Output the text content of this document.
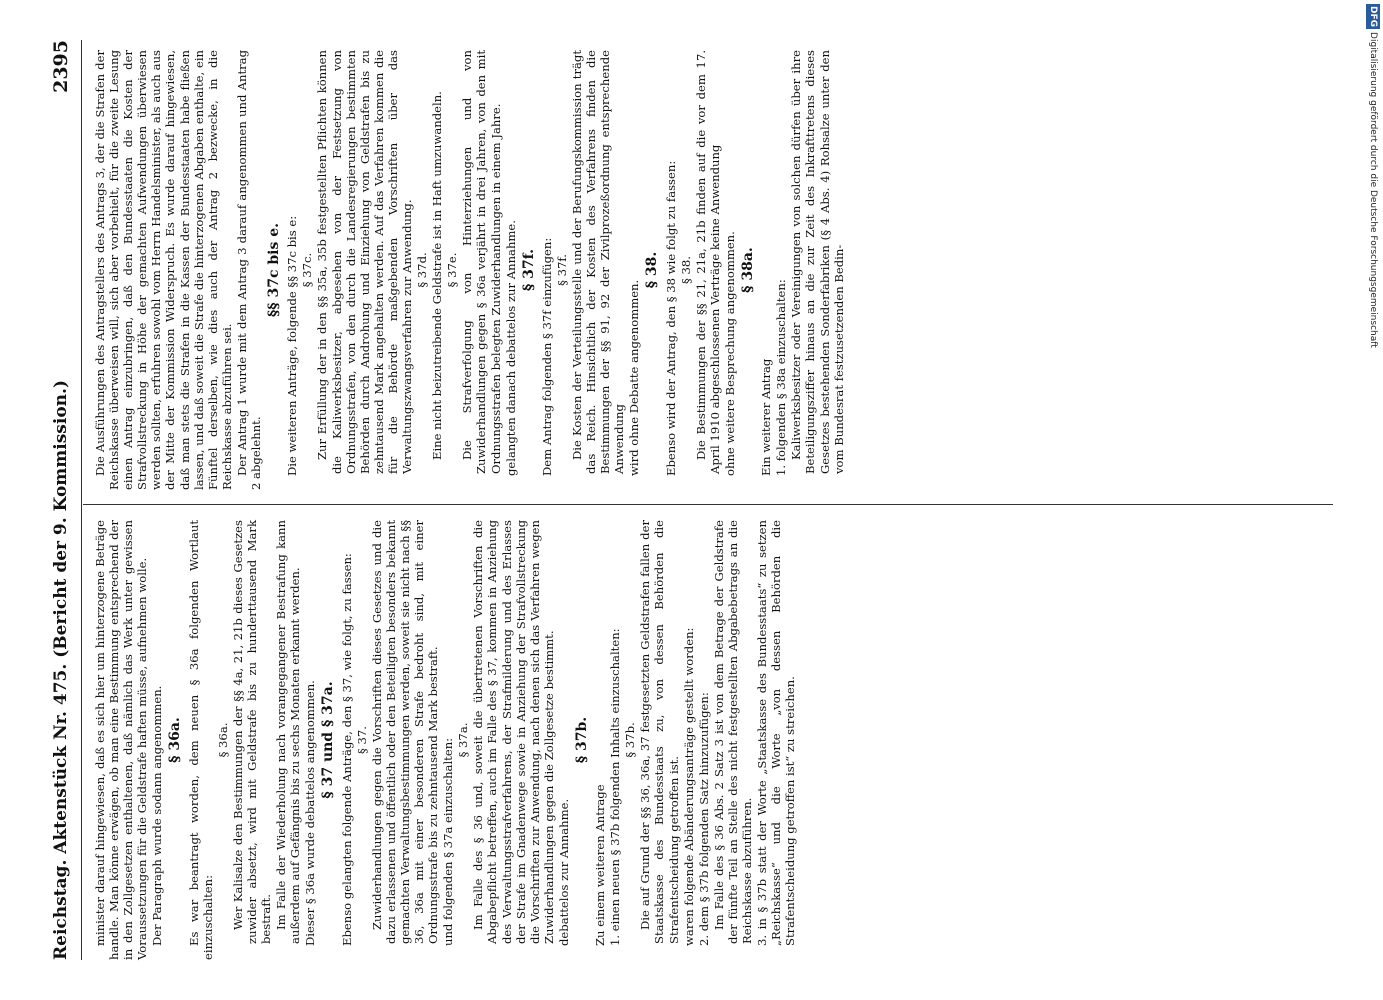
Reichstag. Aktenstück Nr. 475. (Bericht der 9. Kommission.)
2395

minister darauf hingewiesen, daß es sich hier um hinterzogene Beträge handle. Man könne erwägen, ob man eine Bestimmung entsprechend der in den Zollgesetzen enthaltenen, daß nämlich das Werk unter gewissen Voraussetzungen für die Geldstrafe haften müsse, aufnehmen wolle. Der Paragraph wurde sodann angenommen. § 36a. Es war beantragt worden, dem neuen § 36a folgenden Wortlaut einzuschalten:

§ 36a. Wer Kalisalze den Bestimmungen der §§ 4a, 21, 21b dieses Gesetzes zuwider absetzt, wird mit Geldstrafe bis zu hunderttausend Mark bestraft. Im Falle der Wiederholung nach vorangegangener Bestrafung kann außerdem auf Gefängnis bis zu sechs Monaten erkannt werden. Dieser § 36a wurde debattelos angenommen. § 37 und § 37a. Ebenso gelangten folgende Anträge, den § 37, wie folgt, zu fassen: § 37. Zuwiderhandlungen gegen die Vorschriften dieses Gesetzes und die dazu erlassenen und öffentlich oder den Beteiligten besonders bekannt gemachten Verwaltungsbestimmungen werden, soweit sie nicht nach §§ 36, 36a mit einer besonderen Strafe bedroht sind, mit einer Ordnungsstrafe bis zu zehntausend Mark bestraft. und folgenden § 37a einzuschalten: § 37a. Im Falle des § 36 und, soweit die übertretenen Vorschriften die Abgabepflicht betreffen, auch im Falle des § 37, kommen in Anziehung des Verwaltungsstrafverfahrens, der Strafmilderung und des Erlasses der Strafe im Gnadenwege sowie in Anziehung der Strafvollstreckung die Vorschriften zur Anwendung, nach denen sich das Verfahren wegen Zuwiderhandlungen gegen die Zollgesetze bestimmt. debattelos zur Annahme.

§ 37b.

Zu einem weiteren Antrage 1. einen neuen § 37b folgenden Inhalts einzuschalten: § 37b. Die auf Grund der §§ 36, 36a, 37 festgesetzten Geldstrafen fallen der Staatskasse des Bundesstaats zu, von dessen Behörden die Strafentscheidung getroffen ist. waren folgende Abänderungsanträge gestellt worden: 2. dem § 37b folgenden Satz hinzuzufügen: Im Falle des § 36 Abs. 2 Satz 3 ist von dem Betrage der Geldstrafe der fünfte Teil an Stelle des nicht festgestellten Abgabebetrags an die Reichskasse abzuführen. 3. in § 37b statt der Worte „Staatskasse des Bundesstaats“ zu setzen „Reichskasse“ und die Worte „von dessen Behörden die Strafentscheidung getroffen ist“ zu streichen.

Die Ausführungen des Antragstellers des Antrags 3, der die Strafen der Reichskasse überweisen will, sich aber vorbehielt, für die zweite Lesung einen Antrag einzubringen, daß den Bundesstaaten die Kosten der Strafvollstreckung in Höhe der gemachten Aufwendungen überwiesen werden sollten, erfuhren sowohl vom Herrn Handelsminister, als auch aus der Mitte der Kommission Widerspruch. Es wurde darauf hingewiesen, daß man stets die Strafen in die Kassen der Bundesstaaten habe fließen lassen, und daß soweit die Strafe die hinterzogenen Abgaben enthalte, ein Fünftel derselben, wie dies auch der Antrag 2 bezwecke, in die Reichskasse abzuführen sei. Der Antrag 1 wurde mit dem Antrag 3 darauf angenommen und Antrag 2 abgelehnt.

§§ 37c bis e. Die weiteren Anträge, folgende §§ 37c bis e: § 37c. Zur Erfüllung der in den §§ 35a, 35b festgestellten Pflichten können die Kaliwerksbesitzer, abgesehen von der Festsetzung von Ordnungsstrafen, von den durch die Landesregierungen bestimmten Behörden durch Androhung und Einziehung von Geldstrafen bis zu zehntausend Mark angehalten werden. Auf das Verfahren kommen die für die Behörde maßgebenden Vorschriften über das Verwaltungszwangsverfahren zur Anwendung. § 37d. Eine nicht beizutreibende Geldstrafe ist in Haft umzuwandeln. § 37e. Die Strafverfolgung von Hinterziehungen und von Zuwiderhandlungen gegen § 36a verjährt in drei Jahren, von den mit Ordnungsstrafen belegten Zuwiderhandlungen in einem Jahre. gelangten danach debattelos zur Annahme. § 37f. Dem Antrag folgenden § 37f einzufügen: § 37f. Die Kosten der Verteilungsstelle und der Berufungskommission trägt das Reich. Hinsichtlich der Kosten des Verfahrens finden die Bestimmungen der §§ 91, 92 der Zivilprozeßordnung entsprechende Anwendung wird ohne Debatte angenommen.

§ 38. Ebenso wird der Antrag, den § 38 wie folgt zu fassen: § 38. Die Bestimmungen der §§ 21, 21a, 21b finden auf die vor dem 17. April 1910 abgeschlossenen Verträge keine Anwendung ohne weitere Besprechung angenommen. § 38a.

Ein weiterer Antrag 1. folgenden § 38a einzuschalten: Kaliwerksbesitzer oder Vereinigungen von solchen dürfen über ihre Beteiligungsziffer hinaus an die zur Zeit des Inkrafttretens dieses Gesetzes bestehenden Sonderfabriken (§ 4 Abs. 4) Rohsalze unter den vom Bundesrat festzusetzenden Bedin-

DFGDigitalisierung gefördert durch die Deutsche Forschungsgemeinschaft
